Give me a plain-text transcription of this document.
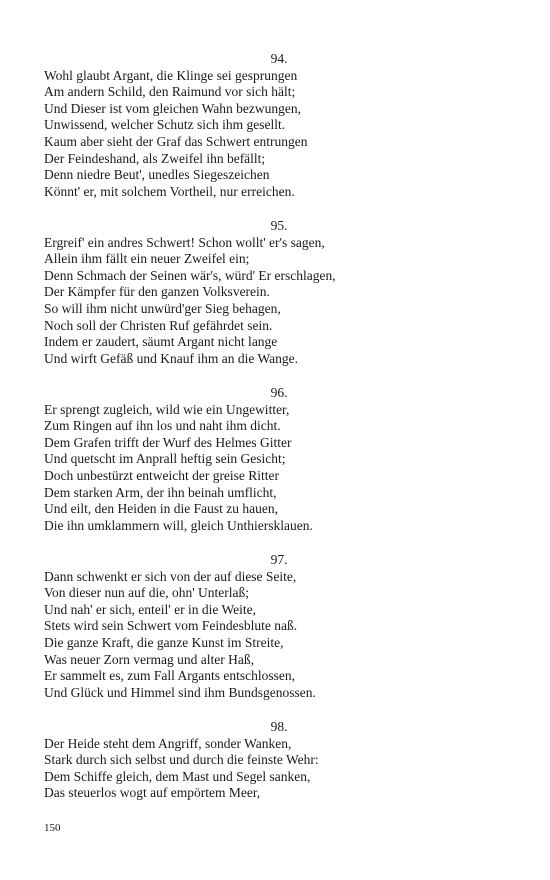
94.
Wohl glaubt Argant, die Klinge sei gesprungen
Am andern Schild, den Raimund vor sich hält;
Und Dieser ist vom gleichen Wahn bezwungen,
Unwissend, welcher Schutz sich ihm gesellt.
Kaum aber sieht der Graf das Schwert entrungen
Der Feindeshand, als Zweifel ihn befällt;
Denn niedre Beut', unedles Siegeszeichen
Könnt' er, mit solchem Vortheil, nur erreichen.
95.
Ergreif' ein andres Schwert! Schon wollt' er's sagen,
Allein ihm fällt ein neuer Zweifel ein;
Denn Schmach der Seinen wär's, würd' Er erschlagen,
Der Kämpfer für den ganzen Volksverein.
So will ihm nicht unwürd'ger Sieg behagen,
Noch soll der Christen Ruf gefährdet sein.
Indem er zaudert, säumt Argant nicht lange
Und wirft Gefäß und Knauf ihm an die Wange.
96.
Er sprengt zugleich, wild wie ein Ungewitter,
Zum Ringen auf ihn los und naht ihm dicht.
Dem Grafen trifft der Wurf des Helmes Gitter
Und quetscht im Anprall heftig sein Gesicht;
Doch unbestürzt entweicht der greise Ritter
Dem starken Arm, der ihn beinah umflicht,
Und eilt, den Heiden in die Faust zu hauen,
Die ihn umklammern will, gleich Unthiersklauen.
97.
Dann schwenkt er sich von der auf diese Seite,
Von dieser nun auf die, ohn' Unterlaß;
Und nah' er sich, enteil' er in die Weite,
Stets wird sein Schwert vom Feindesblute naß.
Die ganze Kraft, die ganze Kunst im Streite,
Was neuer Zorn vermag und alter Haß,
Er sammelt es, zum Fall Argants entschlossen,
Und Glück und Himmel sind ihm Bundsgenossen.
98.
Der Heide steht dem Angriff, sonder Wanken,
Stark durch sich selbst und durch die feinste Wehr:
Dem Schiffe gleich, dem Mast und Segel sanken,
Das steuerlos wogt auf empörtem Meer,
150
